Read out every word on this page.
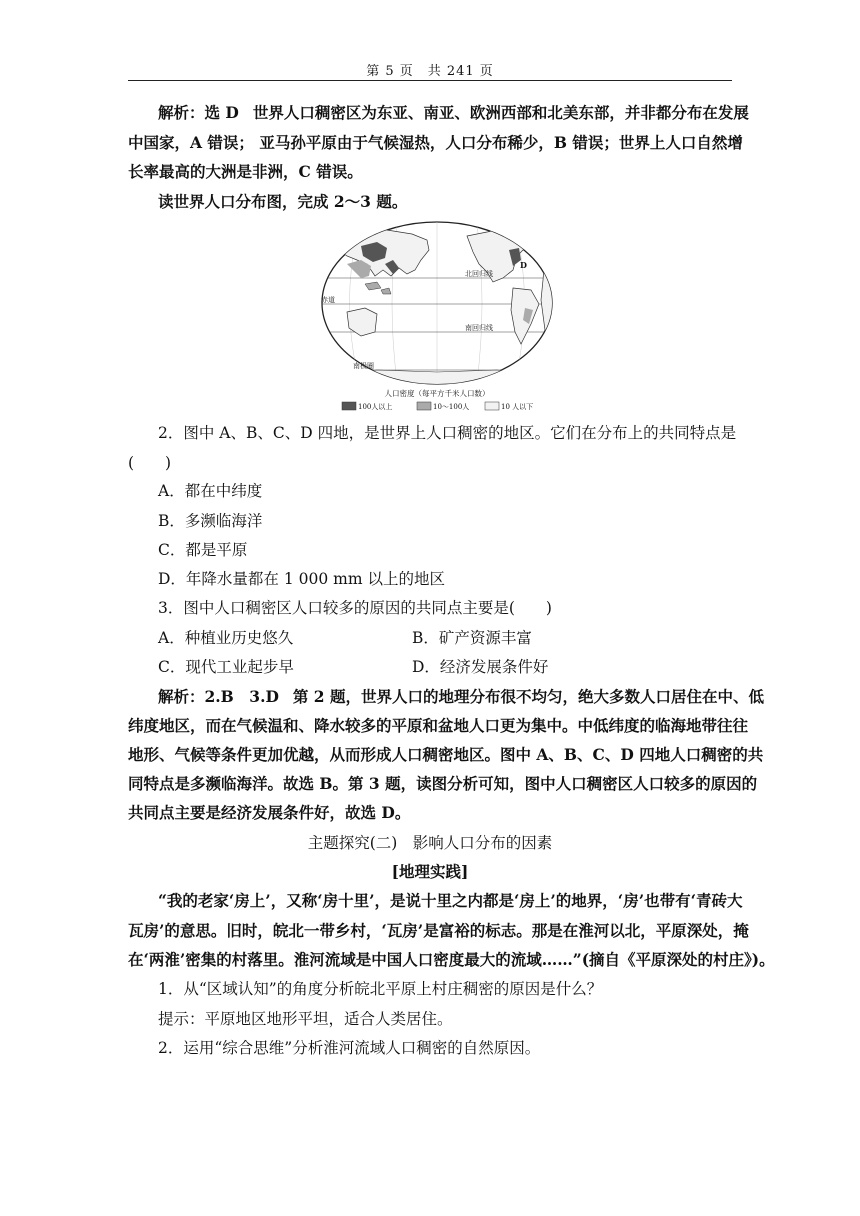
第 5 页　共 241 页
解析：选 D 世界人口稠密区为东亚、南亚、欧洲西部和北美东部，并非都分布在发展
中国家，A 错误； 亚马孙平原由于气候湿热，人口分布稀少，B 错误；世界上人口自然增
长率最高的大洲是非洲，C 错误。
读世界人口分布图，完成 2～3 题。
北回归线
赤道
南回归线
南极圈
D
人口密度（每平方千米人口数）
100人以上	10～100人	10 人以下
2．图中 A、B、C、D 四地，是世界上人口稠密的地区。它们在分布上的共同特点是
(　　)
A．都在中纬度
B．多濒临海洋
C．都是平原
D．年降水量都在 1 000 mm 以上的地区
3．图中人口稠密区人口较多的原因的共同点主要是(　　)
A．种植业历史悠久	B．矿产资源丰富
C．现代工业起步早	D．经济发展条件好
解析：2.B　3.D 第 2 题，世界人口的地理分布很不均匀，绝大多数人口居住在中、低
纬度地区，而在气候温和、降水较多的平原和盆地人口更为集中。中低纬度的临海地带往往
地形、气候等条件更加优越，从而形成人口稠密地区。图中 A、B、C、D 四地人口稠密的共
同特点是多濒临海洋。故选 B。第 3 题，读图分析可知，图中人口稠密区人口较多的原因的
共同点主要是经济发展条件好，故选 D。
主题探究(二)　影响人口分布的因素
[地理实践]
“我的老家‘房上’，又称‘房十里’，是说十里之内都是‘房上’的地界，‘房’也带有‘青砖大
瓦房’的意思。旧时，皖北一带乡村，‘瓦房’是富裕的标志。那是在淮河以北，平原深处，掩
在‘两淮’密集的村落里。淮河流域是中国人口密度最大的流域……”(摘自《平原深处的村庄》)。
1．从“区域认知”的角度分析皖北平原上村庄稠密的原因是什么？
提示：平原地区地形平坦，适合人类居住。
2．运用“综合思维”分析淮河流域人口稠密的自然原因。
